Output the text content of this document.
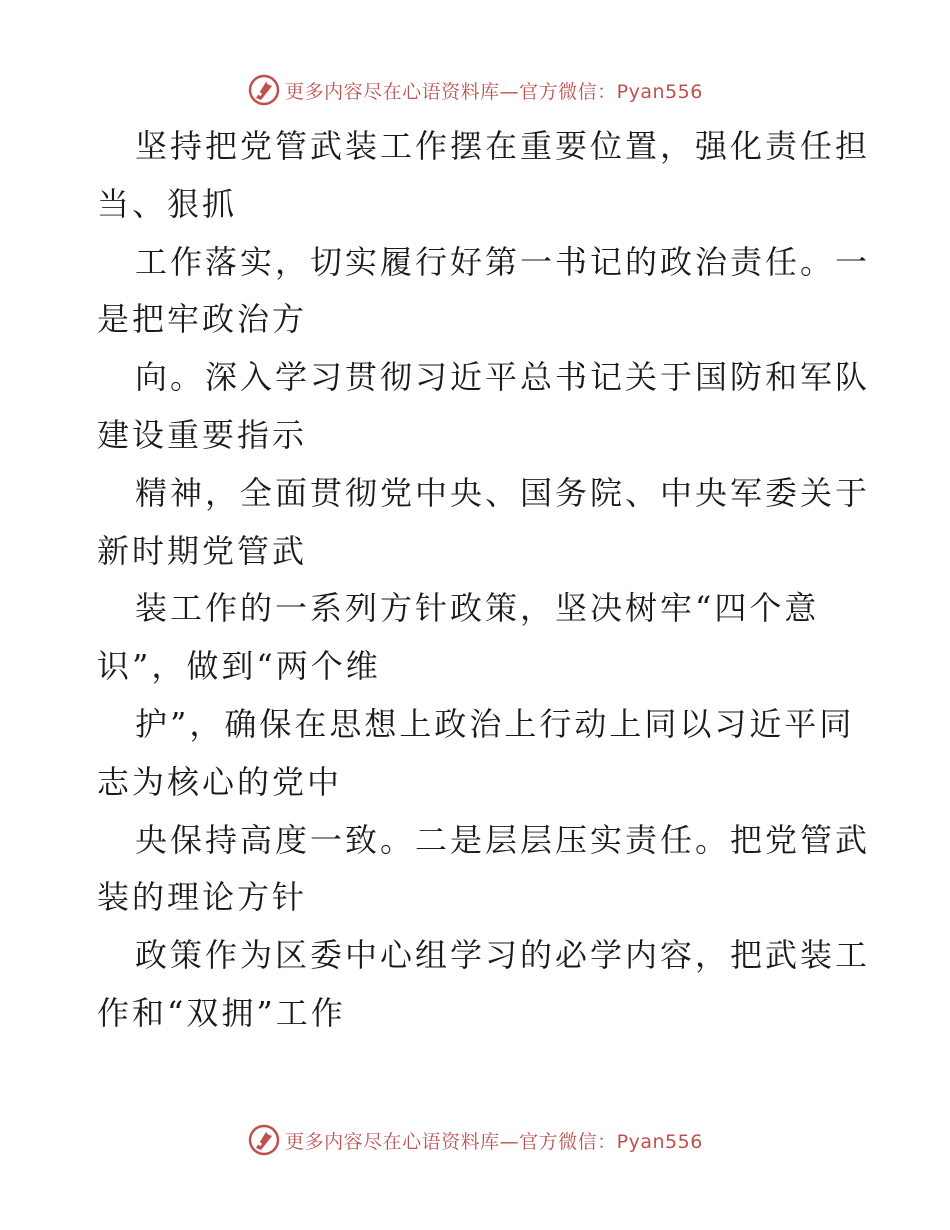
更多内容尽在心语资料库—官方微信：Pyan556
坚持把党管武装工作摆在重要位置，强化责任担
当、狠抓
工作落实，切实履行好第一书记的政治责任。一
是把牢政治方
向。深入学习贯彻习近平总书记关于国防和军队
建设重要指示
精神，全面贯彻党中央、国务院、中央军委关于
新时期党管武
装工作的一系列方针政策，坚决树牢“四个意
识”，做到“两个维
护”，确保在思想上政治上行动上同以习近平同
志为核心的党中
央保持高度一致。二是层层压实责任。把党管武
装的理论方针
政策作为区委中心组学习的必学内容，把武装工
作和“双拥”工作
更多内容尽在心语资料库—官方微信：Pyan556
